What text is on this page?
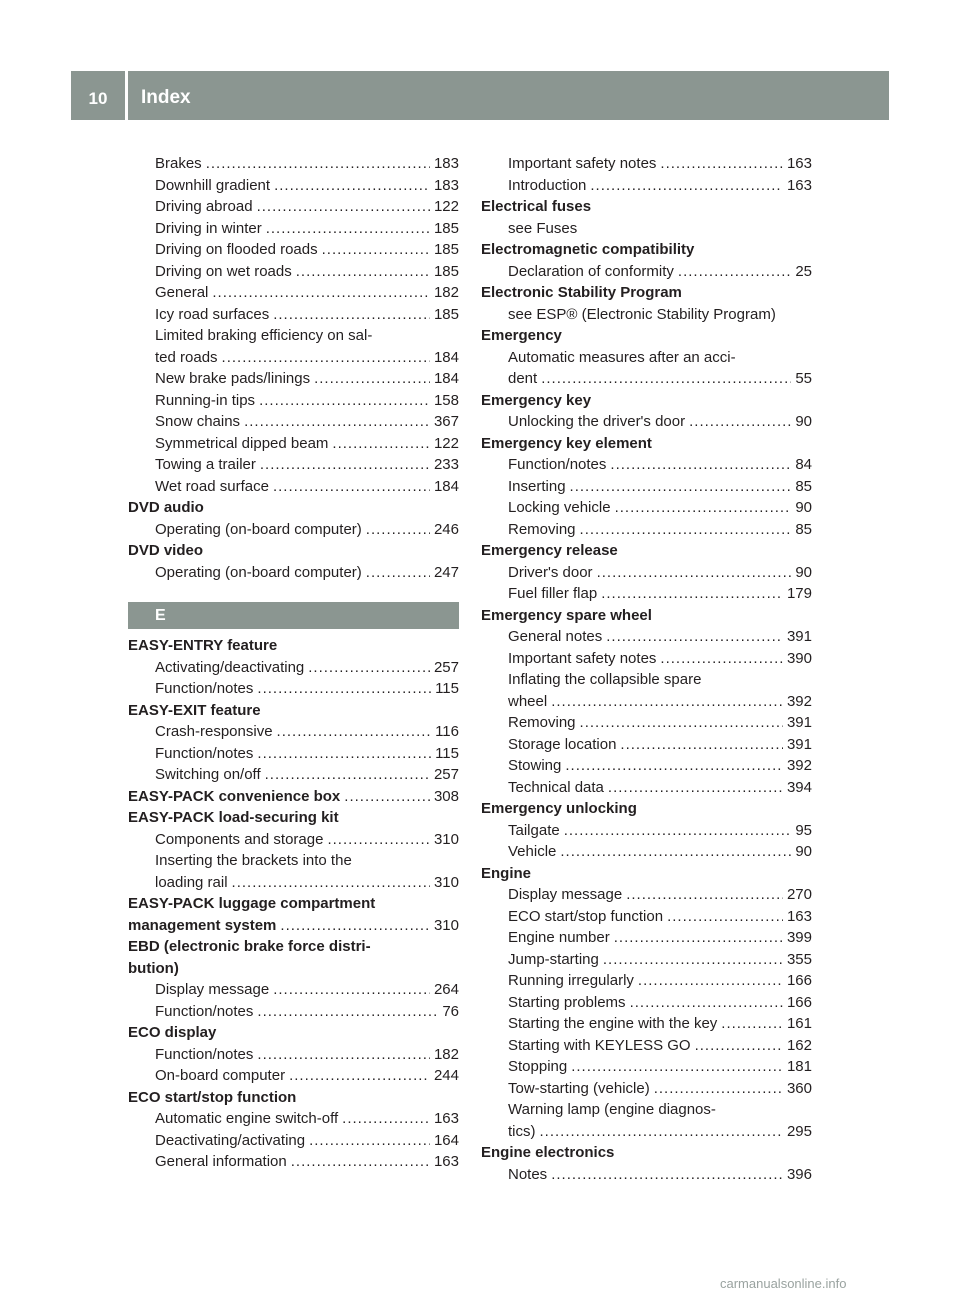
10	Index
Brakes .....	183
Downhill gradient .....	183
Driving abroad .....	122
Driving in winter .....	185
Driving on flooded roads .....	185
Driving on wet roads .....	185
General .....	182
Icy road surfaces .....	185
Limited braking efficiency on sal-
ted roads .....	184
New brake pads/linings .....	184
Running-in tips .....	158
Snow chains .....	367
Symmetrical dipped beam .....	122
Towing a trailer .....	233
Wet road surface .....	184
DVD audio
Operating (on-board computer) .....	246
DVD video
Operating (on-board computer) .....	247
E
EASY-ENTRY feature
Activating/deactivating .....	257
Function/notes .....	115
EASY-EXIT feature
Crash-responsive .....	116
Function/notes .....	115
Switching on/off .....	257
EASY-PACK convenience box .....	308
EASY-PACK load-securing kit
Components and storage .....	310
Inserting the brackets into the
loading rail .....	310
EASY-PACK luggage compartment
management system .....	310
EBD (electronic brake force distri-
bution)
Display message .....	264
Function/notes .....	76
ECO display
Function/notes .....	182
On-board computer .....	244
ECO start/stop function
Automatic engine switch-off .....	163
Deactivating/activating .....	164
General information .....	163
Important safety notes .....	163
Introduction .....	163
Electrical fuses
see Fuses
Electromagnetic compatibility
Declaration of conformity .....	25
Electronic Stability Program
see ESP® (Electronic Stability Program)
Emergency
Automatic measures after an acci-
dent .....	55
Emergency key
Unlocking the driver's door .....	90
Emergency key element
Function/notes .....	84
Inserting .....	85
Locking vehicle .....	90
Removing .....	85
Emergency release
Driver's door .....	90
Fuel filler flap .....	179
Emergency spare wheel
General notes .....	391
Important safety notes .....	390
Inflating the collapsible spare
wheel .....	392
Removing .....	391
Storage location .....	391
Stowing .....	392
Technical data .....	394
Emergency unlocking
Tailgate .....	95
Vehicle .....	90
Engine
Display message .....	270
ECO start/stop function .....	163
Engine number .....	399
Jump-starting .....	355
Running irregularly .....	166
Starting problems .....	166
Starting the engine with the key .....	161
Starting with KEYLESS GO .....	162
Stopping .....	181
Tow-starting (vehicle) .....	360
Warning lamp (engine diagnos-
tics) .....	295
Engine electronics
Notes .....	396
carmanualsonline.info
